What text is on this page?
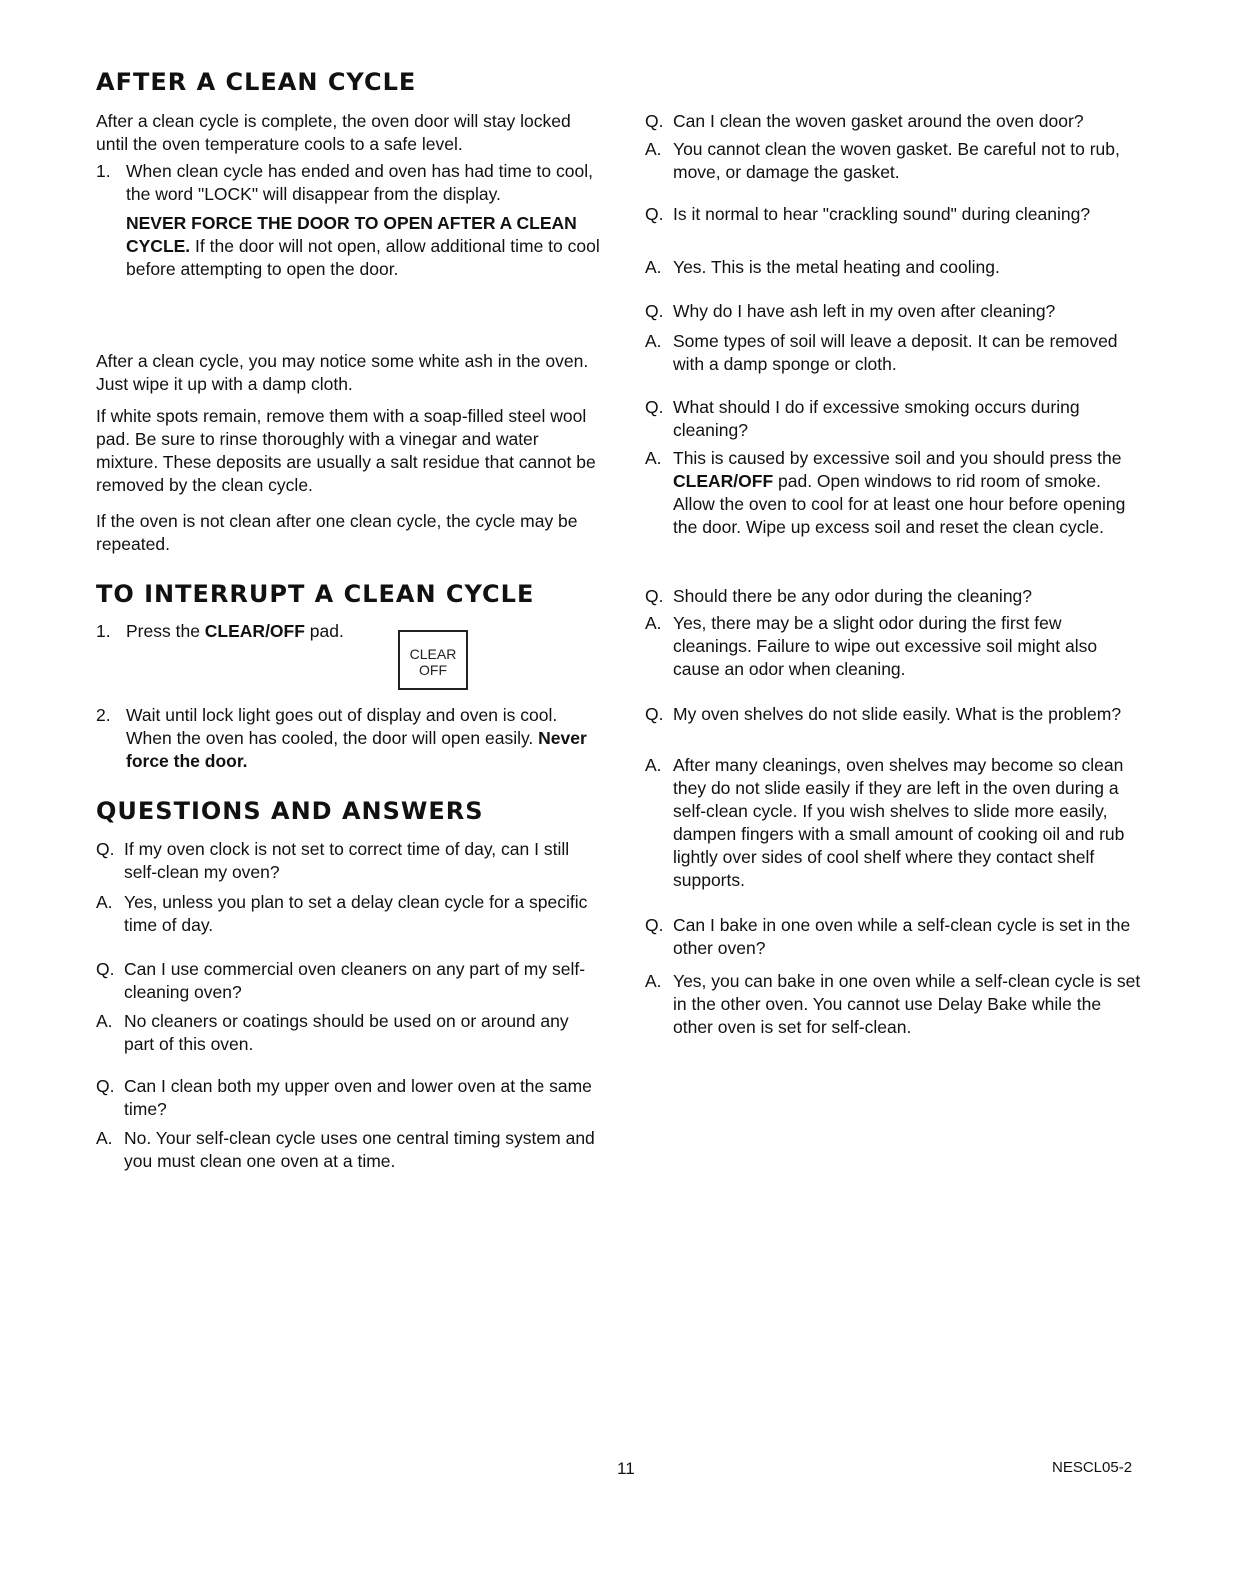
AFTER A CLEAN CYCLE

After a clean cycle is complete, the oven door will stay locked until the oven temperature cools to a safe level.

1. When clean cycle has ended and oven has had time to cool, the word "LOCK" will disappear from the display.
NEVER FORCE THE DOOR TO OPEN AFTER A CLEAN CYCLE. If the door will not open, allow additional time to cool before attempting to open the door.

After a clean cycle, you may notice some white ash in the oven. Just wipe it up with a damp cloth.

If white spots remain, remove them with a soap-filled steel wool pad. Be sure to rinse thoroughly with a vinegar and water mixture. These deposits are usually a salt residue that cannot be removed by the clean cycle.

If the oven is not clean after one clean cycle, the cycle may be repeated.

TO INTERRUPT A CLEAN CYCLE
1. Press the CLEAR/OFF pad.
CLEAR
OFF
2. Wait until lock light goes out of display and oven is cool. When the oven has cooled, the door will open easily. Never force the door.
QUESTIONS AND ANSWERS
Q. If my oven clock is not set to correct time of day, can I still self-clean my oven?
A. Yes, unless you plan to set a delay clean cycle for a specific time of day.
Q. Can I use commercial oven cleaners on any part of my self-cleaning oven?
A. No cleaners or coatings should be used on or around any part of this oven.
Q. Can I clean both my upper oven and lower oven at the same time?
A. No. Your self-clean cycle uses one central timing system and you must clean one oven at a time.
Q. Can I clean the woven gasket around the oven door?
A. You cannot clean the woven gasket. Be careful not to rub, move, or damage the gasket.
Q. Is it normal to hear "crackling sound" during cleaning?
A. Yes. This is the metal heating and cooling.
Q. Why do I have ash left in my oven after cleaning?
A. Some types of soil will leave a deposit. It can be removed with a damp sponge or cloth.
Q. What should I do if excessive smoking occurs during cleaning?
A. This is caused by excessive soil and you should press the CLEAR/OFF pad. Open windows to rid room of smoke. Allow the oven to cool for at least one hour before opening the door. Wipe up excess soil and reset the clean cycle.
Q. Should there be any odor during the cleaning?
A. Yes, there may be a slight odor during the first few cleanings. Failure to wipe out excessive soil might also cause an odor when cleaning.
Q. My oven shelves do not slide easily. What is the problem?
A. After many cleanings, oven shelves may become so clean they do not slide easily if they are left in the oven during a self-clean cycle. If you wish shelves to slide more easily, dampen fingers with a small amount of cooking oil and rub lightly over sides of cool shelf where they contact shelf supports.
Q. Can I bake in one oven while a self-clean cycle is set in the other oven?
A. Yes, you can bake in one oven while a self-clean cycle is set in the other oven. You cannot use Delay Bake while the other oven is set for self-clean.
11	NESCL05-2
